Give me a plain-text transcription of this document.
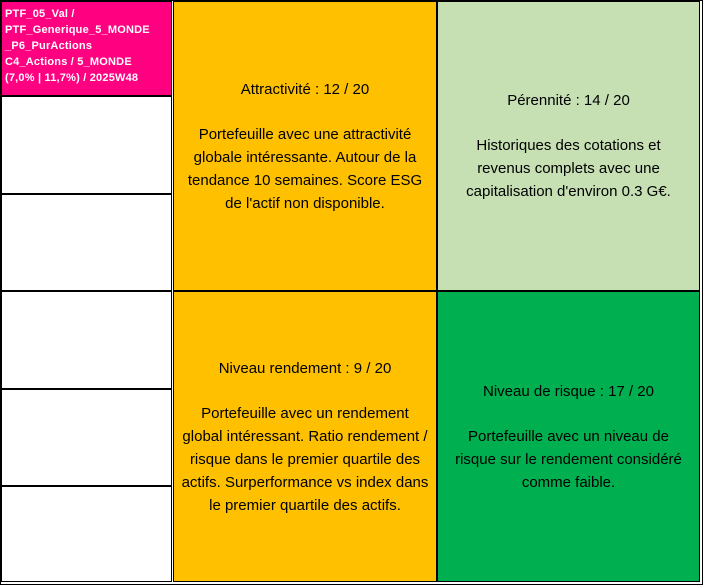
PTF_05_Val /
PTF_Generique_5_MONDE
_P6_PurActions
C4_Actions / 5_MONDE
(7,0% | 11,7%) / 2025W48
Attractivité : 12 / 20
Portefeuille avec une attractivité globale intéressante. Autour de la tendance 10 semaines. Score ESG de l'actif non disponible.
Pérennité : 14 / 20
Historiques des cotations et revenus complets avec une capitalisation d'environ 0.3 G€.
Niveau rendement : 9 / 20
Portefeuille avec un rendement global intéressant. Ratio rendement / risque dans le premier quartile des actifs. Surperformance vs index dans le premier quartile des actifs.
Niveau de risque : 17 / 20
Portefeuille avec un niveau de risque sur le rendement considéré comme faible.
